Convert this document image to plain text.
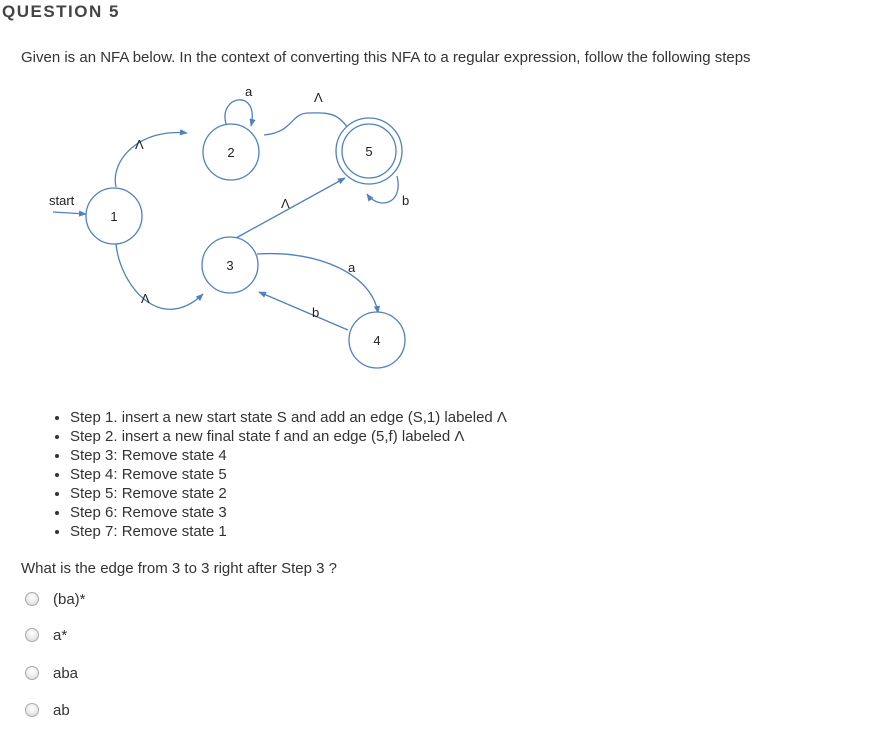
QUESTION 5
Given is an NFA below. In the context of converting this NFA to a regular expression, follow the following steps
start
Λ
Λ
a	Λ
Λ	b
a
b
1
2
3
4
5
• Step 1. insert a new start state S and add an edge (S,1) labeled Λ
• Step 2. insert a new final state f and an edge (5,f) labeled Λ
• Step 3: Remove state 4
• Step 4: Remove state 5
• Step 5: Remove state 2
• Step 6: Remove state 3
• Step 7: Remove state 1
What is the edge from 3 to 3 right after Step 3 ?
(ba)*
a*
aba
ab
